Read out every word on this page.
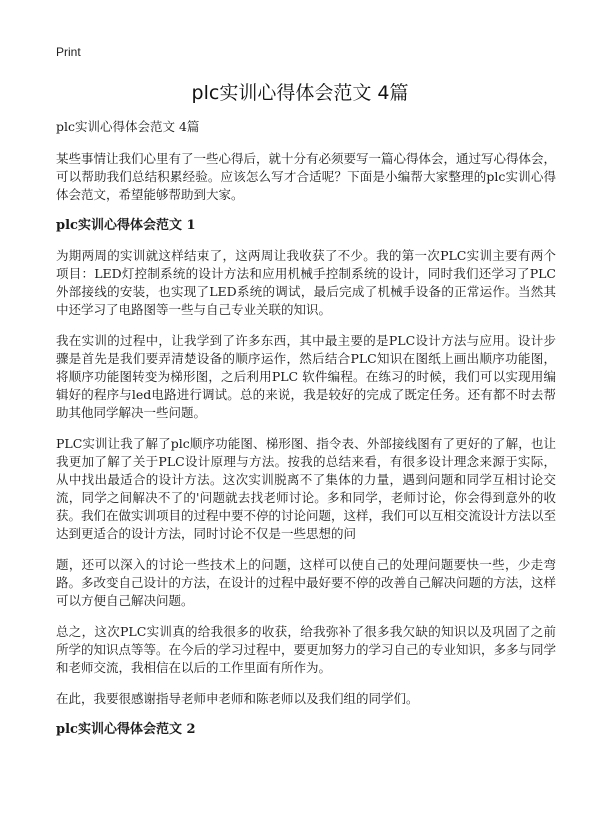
Print
plc实训心得体会范文 4篇

plc实训心得体会范文 4篇

某些事情让我们心里有了一些心得后，就十分有必须要写一篇心得体会，通过写心得体会，可以帮助我们总结积累经验。应该怎么写才合适呢？下面是小编帮大家整理的plc实训心得体会范文，希望能够帮助到大家。

plc实训心得体会范文 1

为期两周的实训就这样结束了，这两周让我收获了不少。我的第一次PLC实训主要有两个项目：LED灯控制系统的设计方法和应用机械手控制系统的设计，同时我们还学习了PLC外部接线的安装，也实现了LED系统的调试，最后完成了机械手设备的正常运作。当然其中还学习了电路图等一些与自己专业关联的知识。

我在实训的过程中，让我学到了许多东西，其中最主要的是PLC设计方法与应用。设计步骤是首先是我们要弄清楚设备的顺序运作，然后结合PLC知识在图纸上画出顺序功能图，将顺序功能图转变为梯形图，之后利用PLC 软件编程。在练习的时候，我们可以实现用编辑好的程序与led电路进行调试。总的来说，我是较好的完成了既定任务。还有都不时去帮助其他同学解决一些问题。

PLC实训让我了解了plc顺序功能图、梯形图、指令表、外部接线图有了更好的了解，也让我更加了解了关于PLC设计原理与方法。按我的总结来看，有很多设计理念来源于实际，从中找出最适合的设计方法。这次实训脱离不了集体的力量，遇到问题和同学互相讨论交流，同学之间解决不了的'问题就去找老师讨论。多和同学，老师讨论，你会得到意外的收获。我们在做实训项目的过程中要不停的讨论问题，这样，我们可以互相交流设计方法以至达到更适合的设计方法，同时讨论不仅是一些思想的问

题，还可以深入的讨论一些技术上的问题，这样可以使自己的处理问题要快一些，少走弯路。多改变自己设计的方法，在设计的过程中最好要不停的改善自己解决问题的方法，这样可以方便自己解决问题。

总之，这次PLC实训真的给我很多的收获，给我弥补了很多我欠缺的知识以及巩固了之前所学的知识点等等。在今后的学习过程中，要更加努力的学习自己的专业知识，多多与同学和老师交流，我相信在以后的工作里面有所作为。

在此，我要很感谢指导老师申老师和陈老师以及我们组的同学们。

plc实训心得体会范文 2
